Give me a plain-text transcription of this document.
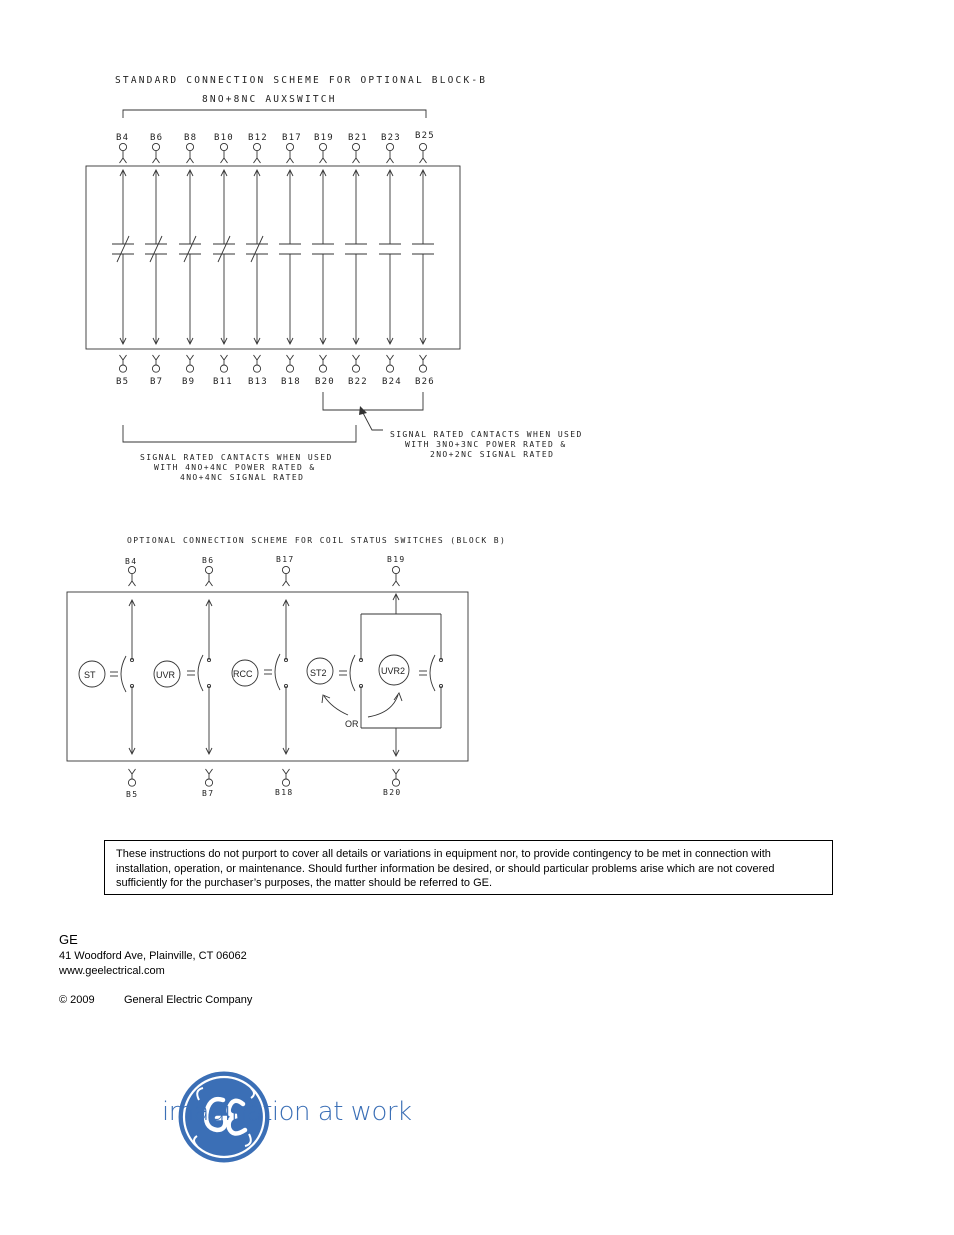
STANDARD CONNECTION SCHEME FOR OPTIONAL BLOCK-B
8NO+8NC AUXSWITCH
B4 B6 B8 B10 B12 B17 B19 B21 B23 B25
B5 B7 B9 B11 B13 B18 B20 B22 B24 B26
SIGNAL RATED CANTACTS WHEN USED
WITH 3NO+3NC POWER RATED &
2NO+2NC SIGNAL RATED
SIGNAL RATED CANTACTS WHEN USED
WITH 4NO+4NC POWER RATED &
4NO+4NC SIGNAL RATED
OPTIONAL CONNECTION SCHEME FOR COIL STATUS SWITCHES (BLOCK B)
B4	B6	B17	B19
B5	B7	B18	B20
ST	UVR	RCC	ST2	UVR2
OR
These instructions do not purport to cover all details or variations in equipment nor, to provide contingency to be met in connection with installation, operation, or maintenance. Should further information be desired, or should particular problems arise which are not covered sufficiently for the purchaser’s purposes, the matter should be referred to GE.
GE
41 Woodford Ave, Plainville, CT 06062
www.geelectrical.com
© 2009	General Electric Company
imagination at work
